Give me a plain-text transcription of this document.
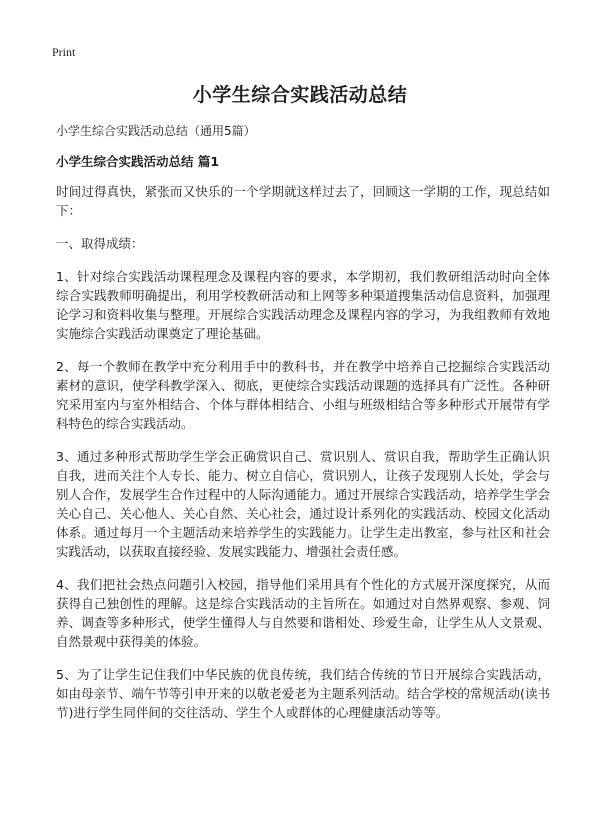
Print
小学生综合实践活动总结
小学生综合实践活动总结（通用5篇）
小学生综合实践活动总结 篇1

时间过得真快，紧张而又快乐的一个学期就这样过去了，回顾这一学期的工作，现总结如下：

一、取得成绩：

1、针对综合实践活动课程理念及课程内容的要求，本学期初，我们教研组活动时向全体综合实践教师明确提出，利用学校教研活动和上网等多种渠道搜集活动信息资料，加强理论学习和资料收集与整理。开展综合实践活动理念及课程内容的学习，为我组教师有效地实施综合实践活动课奠定了理论基础。

2、每一个教师在教学中充分利用手中的教科书，并在教学中培养自己挖掘综合实践活动素材的意识，使学科教学深入、彻底，更使综合实践活动课题的选择具有广泛性。各种研究采用室内与室外相结合、个体与群体相结合、小组与班级相结合等多种形式开展带有学科特色的综合实践活动。

3、通过多种形式帮助学生学会正确赏识自己、赏识别人、赏识自我，帮助学生正确认识自我，进而关注个人专长、能力、树立自信心，赏识别人，让孩子发现别人长处，学会与别人合作，发展学生合作过程中的人际沟通能力。通过开展综合实践活动，培养学生学会关心自己、关心他人、关心自然、关心社会，通过设计系列化的实践活动、校园文化活动体系。通过每月一个主题活动来培养学生的实践能力。让学生走出教室，参与社区和社会实践活动，以获取直接经验、发展实践能力、增强社会责任感。

4、我们把社会热点问题引入校园，指导他们采用具有个性化的方式展开深度探究，从而获得自己独创性的理解。这是综合实践活动的主旨所在。如通过对自然界观察、参观、饲养、调查等多种形式，使学生懂得人与自然要和谐相处、珍爱生命，让学生从人文景观、自然景观中获得美的体验。

5、为了让学生记住我们中华民族的优良传统，我们结合传统的节日开展综合实践活动，如由母亲节、端午节等引申开来的以敬老爱老为主题系列活动。结合学校的常规活动(读书节)进行学生同伴间的交往活动、学生个人或群体的心理健康活动等等。
